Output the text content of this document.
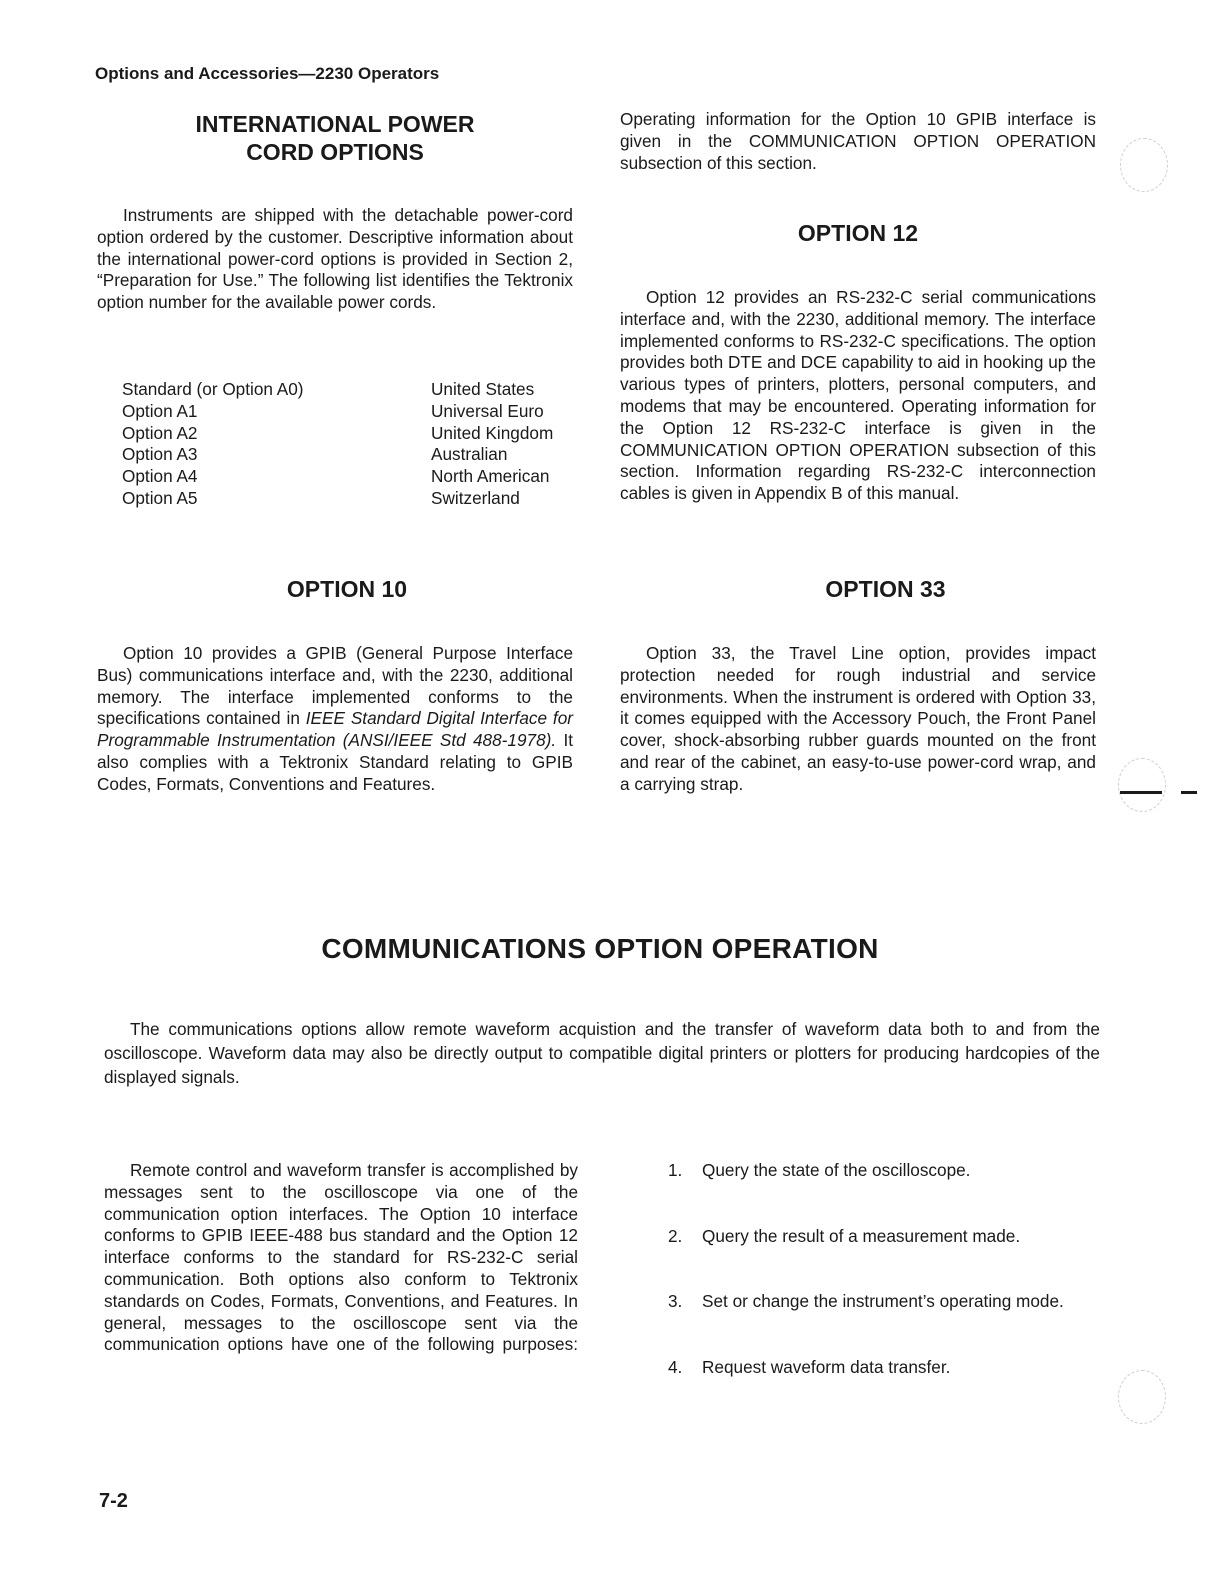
Options and Accessories—2230 Operators
INTERNATIONAL POWER
CORD OPTIONS

Instruments are shipped with the detachable power-cord option ordered by the customer. Descriptive information about the international power-cord options is provided in Section 2, “Preparation for Use.” The following list identifies the Tektronix option number for the available power cords.

Standard (or Option A0)	United States
Option A1	Universal Euro
Option A2	United Kingdom
Option A3	Australian
Option A4	North American
Option A5	Switzerland
OPTION 10

Option 10 provides a GPIB (General Purpose Interface Bus) communications interface and, with the 2230, additional memory. The interface implemented conforms to the specifications contained in IEEE Standard Digital Interface for Programmable Instrumentation (ANSI/IEEE Std 488-1978). It also complies with a Tektronix Standard relating to GPIB Codes, Formats, Conventions and Features.

Operating information for the Option 10 GPIB interface is given in the COMMUNICATION OPTION OPERATION subsection of this section.

OPTION 12

Option 12 provides an RS-232-C serial communications interface and, with the 2230, additional memory. The interface implemented conforms to RS-232-C specifications. The option provides both DTE and DCE capability to aid in hooking up the various types of printers, plotters, personal computers, and modems that may be encountered. Operating information for the Option 12 RS-232-C interface is given in the COMMUNICATION OPTION OPERATION subsection of this section. Information regarding RS-232-C interconnection cables is given in Appendix B of this manual.

OPTION 33

Option 33, the Travel Line option, provides impact protection needed for rough industrial and service environments. When the instrument is ordered with Option 33, it comes equipped with the Accessory Pouch, the Front Panel cover, shock-absorbing rubber guards mounted on the front and rear of the cabinet, an easy-to-use power-cord wrap, and a carrying strap.

COMMUNICATIONS OPTION OPERATION

The communications options allow remote waveform acquistion and the transfer of waveform data both to and from the oscilloscope. Waveform data may also be directly output to compatible digital printers or plotters for producing hardcopies of the displayed signals.

Remote control and waveform transfer is accomplished by messages sent to the oscilloscope via one of the communication option interfaces. The Option 10 interface conforms to GPIB IEEE-488 bus standard and the Option 12 interface conforms to the standard for RS-232-C serial communication. Both options also conform to Tektronix standards on Codes, Formats, Conventions, and Features. In general, messages to the oscilloscope sent via the communication options have one of the following purposes:

1.	Query the state of the oscilloscope.
2.	Query the result of a measurement made.
3.	Set or change the instrument’s operating mode.
4.	Request waveform data transfer.
7-2
